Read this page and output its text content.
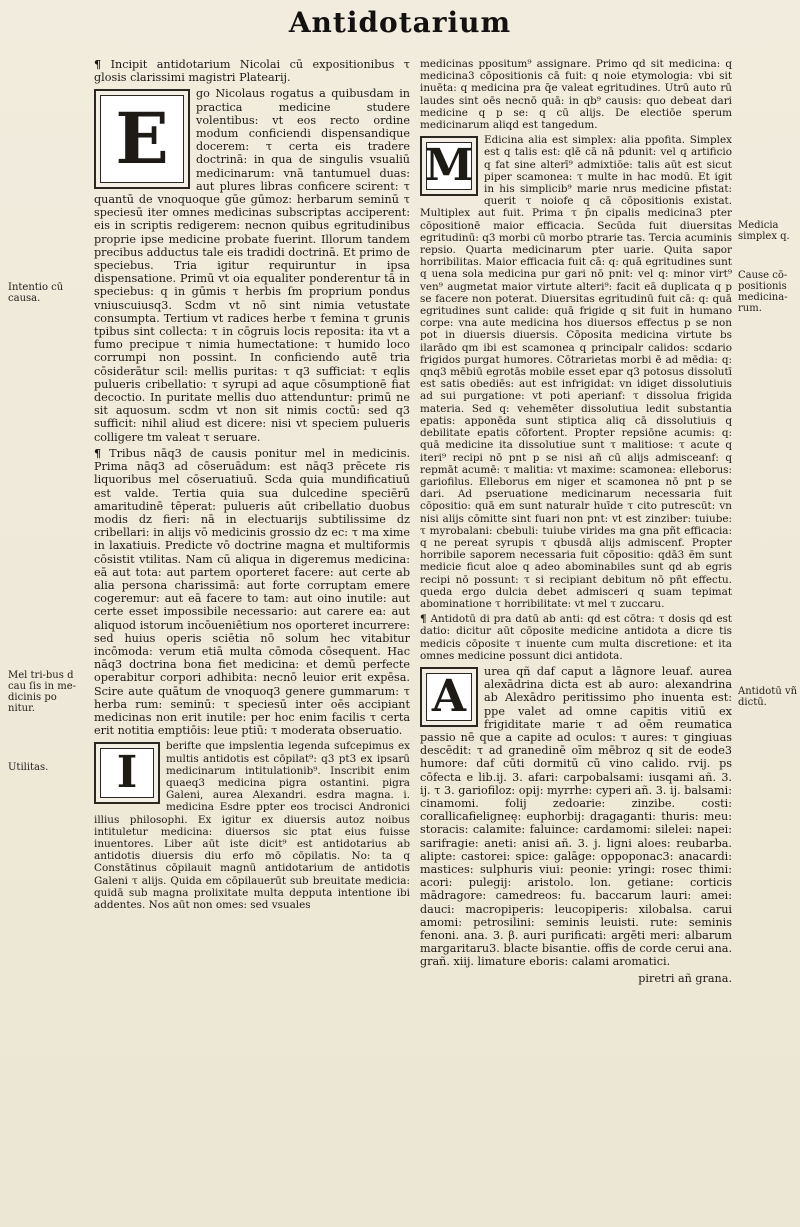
Antidotarium
Intentio cū causa.
Mel tri-bus d cau ſis in me-dicinis po nitur.
Utilitas.
Medicia simplex q.
Cause cō-positionis medicina-rum.
Antidotū vñ dictū.

¶ Incipit antidotarium Nicolai cū expositionibus τ glosis clarissimi magistri Platearij.

E
go Nicolaus rogatus a quibusdam in practica medicine studere volentibus: vt eos recto ordine modum conficiendi dispensandique docerem: τ certa eis tradere doctrinā: in qua de singulis vsualiū medicinarum: vnā tantumuel duas: aut plures libras conficere scirent: τ quantū de vnoquoque gūe gūmoz: herbarum seminū τ speciesū iter omnes medicinas subscriptas acciperent: eis in scriptis redigerem: necnon quibus egritudinibus proprie ipse medicine probate fuerint. Illorum tandem precibus adductus tale eis tradidi doctrinā. Et primo de speciebus. Tria igitur requiruntur in ipsa dispensatione. Primū vt oia equaliter ponderentur tā in speciebus: q in gūmis τ herbis ſm proprium pondus vniuscuiusq3. Scdm vt nō sint nimia vetustate consumpta. Tertium vt radices herbe τ femina τ grunis tpibus sint collecta: τ in cōgruis locis reposita: ita vt a fumo precipue τ nimia humectatione: τ humido loco corrumpi non possint. In conficiendo autē tria cōsiderātur scil: mellis puritas: τ q3 sufficiat: τ eqlis pulueris cribellatio: τ syrupi ad aque cōsumptionē fiat decoctio. In puritate mellis duo attenduntur: primū ne sit aquosum. scdm vt non sit nimis coctū: sed q3 sufficit: nihil aliud est dicere: nisi vt speciem pulueris colligere tm valeat τ seruare.

¶ Tribus nāq3 de causis ponitur mel in medicinis. Prima nāq3 ad cōseruādum: est nāq3 prēcete ris liquoribus mel cōseruatiuū. Scda quia mundificatiuū est valde. Tertia quia sua dulcedine speciērū amaritudinē tēperat: pulueris aūt cribellatio duobus modis dz fieri: nā in electuarijs subtilissime dz cribellari: in alijs vō medicinis grossio dz ec: τ ma xime in laxatiuis. Predicte vō doctrine magna et multiformis cōsistit vtilitas. Nam cū aliqua in digeremus medicina: eā aut tota: aut partem oporteret facere: aut certe ab alia persona charissimā: aut forte corruptam emere cogeremur: aut eā facere to tam: aut oino inutile: aut certe esset impossibile necessario: aut carere ea: aut aliquod istorum incōueniētium nos oporteret incurrere: sed huius operis sciētia nō solum hec vitabitur incōmoda: verum etiā multa cōmoda cōsequent. Hac nāq3 doctrina bona fiet medicina: et demū perfecte operabitur corpori adhibita: necnō leuior erit expēsa. Scire aute quātum de vnoquoq3 genere gummarum: τ herba rum: seminū: τ speciesū inter oēs accipiant medicinas non erit inutile: per hoc enim facilis τ certa erit notitia emptiōis: leue ptiū: τ moderata obseruatio.

I
berifte que impslentia legenda sufcepimus ex multis antidotis est cōpilat⁹: q3 pt3 ex ipsarū medicinarum intitulationib⁹. Inscribit enim quaeq3 medicina pigra ostantini. pigra Galeni, aurea Alexandri. esdra magna. i. medicina Esdre ppter eos trocisci Andronici illius philosophi. Ex igitur ex diuersis autoz noibus intituletur medicina: diuersos sic ptat eius fuisse inuentores. Liber aūt iste dicit⁹ est antidotarius ab antidotis diuersis diu erfo mō cōpilatis. No: ta q Constātinus cōpilauit magnū antidotarium de antidotis Galeni τ alijs. Quida em cōpilauerūt sub breuitate medicia: quidā sub magna prolixitate multa depputa intentione ibi addentes. Nos aūt non omes: sed vsuales

medicinas ppositum⁹ assignare. Primo qd sit medicina: q medicina3 cōpositionis cā fuit: q noie etymologia: vbi sit inuēta: q medicina pra q̄e valeat egritudines. Utrū auto rū laudes sint oēs necnō quā: in qb⁹ causis: quo debeat dari medicine q p se: q cū alijs. De electiōe sperum medicinarum aliqd est tangedum.

M	Edicina alia est simplex: alia ppofita. Simplex est q talis est: qlē cā nā pdunit: vel q artificio q fat sine alterī⁹ admixtiōe: talis aūt est sicut piper scamonea: τ multe in hac modū. Et igit in his simplicib⁹ marie nrus medicine pfistat: querit τ noiofe q cā cōpositionis existat. Multiplex aut fuit. Prima τ p̄n cipalis medicina3 pter cōpositionē maior efficacia. Secūda fuit diuersitas egritudinū: q3 morbi cū morbo ptrarie tas. Tercia acuminis repsio. Quarta medicinarum pter uarie. Quita sapor horribilitas. Maior efficacia fuit cā: q: quā egritudines sunt q uena sola medicina pur gari nō pnit: vel q: minor virt⁹ ven⁹ augmetat maior virtute alteri⁹: facit eā duplicata q p se facere non poterat. Diuersitas egritudinū fuit cā: q: quā egritudines sunt calide: quā frigide q sit fuit in humano corpe: vna aute medicina hos diuersos effectus p se non pot in diuersis diuersis. Cōposita medicina virtute bs ilarādo qm ibi est scamonea q principalr calidos: scdario frigidos purgat humores. Cōtrarietas morbi ē ad mēdia: q: qnq3 mēbiū egrotās mobile esset epar q3 potosus dissolutī est satis obediēs: aut est infrigidat: vn idiget dissolutiuis ad sui purgatione: vt poti aperianf: τ dissolua frigida materia. Sed q: vehemēter dissolutiua ledit substantia epatis: apponēda sunt stiptica aliq cā dissolutiuis q debilitate epatis cōfortent. Propter repsiōne acumis: q: quā medicine ita dissolutiue sunt τ malitiose: τ acute q iteri⁹ recipi nō pnt p se nisi añ cū alijs admisceanf: q repmāt acumē: τ malitia: vt maxime: scamonea: elleborus: gariofilus. Elleborus em niger et scamonea nō pnt p se dari. Ad pseruatione medicinarum necessaria fuit cōpositio: quā em sunt naturalr huīde τ cito putrescūt: vn nisi alijs cōmitte sint fuari non pnt: vt est zinziber: tuiube: τ myrobalani: cbebuli: tuiube virides ma gna pñt efficacia: q ne pereat syrupis τ qbusdā alijs admiscenf. Propter horribile saporem necessaria fuit cōpositio: qdā3 ēm sunt medicie ficut aloe q adeo abominabiles sunt qd ab egris recipi nō possunt: τ si recipiant debitum nō pñt effectu. queda ergo dulcia debet admisceri q suam tepimat abominatione τ horribilitate: vt mel τ zuccaru.

¶ Antidotū di pra datū ab anti: qd est cōtra: τ dosis qd est datio: dicitur aūt cōposite medicine antidota a dicre tis medicis cōposite τ inuente cum multa discretione: et ita omnes medicine possunt dici antidota.

A	urea qñ daf caput a lāgnore leuaf. aurea alexādrina dicta est ab auro: alexandrina ab Alexādro peritissimo pho inuenta est: ppe valet ad omne capitis vitiū ex frigiditate marie τ ad oēm reumatica passio nē que a capite ad oculos: τ aures: τ gingiuas descēdit: τ ad granedinē oīm mēbroz q sit de eode3 humore: daf cūti dormitū cū vino calido. rvij. ps cōfecta e lib.ij. 3. afari: carpobalsami: iusqami añ. 3. ij. τ 3. gariofiloz: opij: myrrhe: cyperi añ. 3. ij. balsami: cinamomi. folij zedoarie: zinzibe. costi: corallicafieligneę: euphorbij: dragaganti: thuris: meu: storacis: calamite: faluince: cardamomi: silelei: napei: sarifragie: aneti: anisi añ. 3. j. ligni aloes: reubarba. alipte: castorei: spice: galāge: oppoponac3: anacardi: mastices: sulphuris viui: peonie: yringi: rosec thimi: acori: pulegij: aristolo. lon. getiane: corticis mādragore: camedreos: fu. baccarum lauri: amei: dauci: macropiperis: leucopiperis: xilobalsa. carui amomi: petrosilini: seminis leuisti. rute: seminis fenoni. ana. 3. β. auri purificati: argēti meri: albarum margaritaru3. blacte bisantie. offis de corde cerui ana. grañ. xiij. limature eboris: calami aromatici.

piretri añ grana.
